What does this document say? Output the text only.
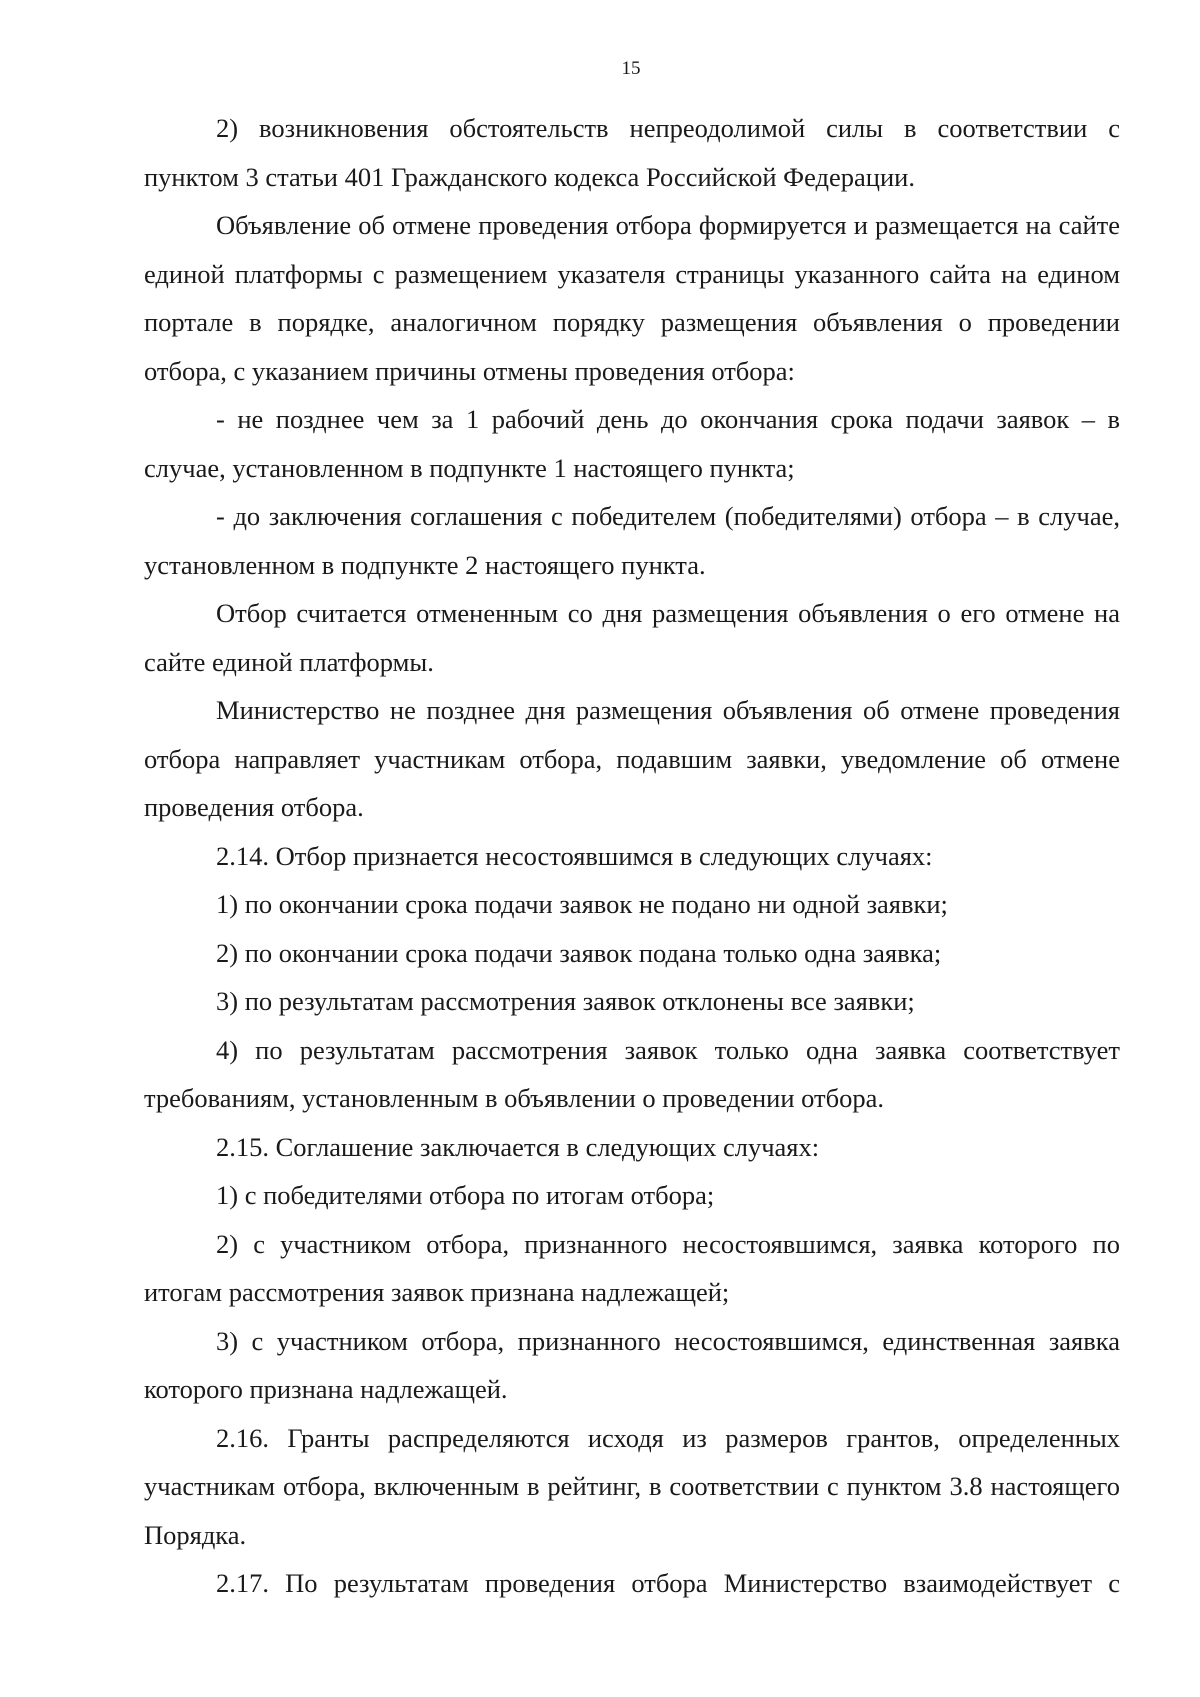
15

2) возникновения обстоятельств непреодолимой силы в соответствии с пунктом 3 статьи 401 Гражданского кодекса Российской Федерации.

Объявление об отмене проведения отбора формируется и размещается на сайте единой платформы с размещением указателя страницы указанного сайта на едином портале в порядке, аналогичном порядку размещения объявления о проведении отбора, с указанием причины отмены проведения отбора:

- не позднее чем за 1 рабочий день до окончания срока подачи заявок – в случае, установленном в подпункте 1 настоящего пункта;

- до заключения соглашения с победителем (победителями) отбора – в случае, установленном в подпункте 2 настоящего пункта.

Отбор считается отмененным со дня размещения объявления о его отмене на сайте единой платформы.

Министерство не позднее дня размещения объявления об отмене проведения отбора направляет участникам отбора, подавшим заявки, уведомление об отмене проведения отбора.

2.14. Отбор признается несостоявшимся в следующих случаях:

1) по окончании срока подачи заявок не подано ни одной заявки;

2) по окончании срока подачи заявок подана только одна заявка;

3) по результатам рассмотрения заявок отклонены все заявки;

4) по результатам рассмотрения заявок только одна заявка соответствует требованиям, установленным в объявлении о проведении отбора.

2.15. Соглашение заключается в следующих случаях:

1) с победителями отбора по итогам отбора;

2) с участником отбора, признанного несостоявшимся, заявка которого по итогам рассмотрения заявок признана надлежащей;

3) с участником отбора, признанного несостоявшимся, единственная заявка которого признана надлежащей.

2.16. Гранты распределяются исходя из размеров грантов, определенных участникам отбора, включенным в рейтинг, в соответствии с пунктом 3.8 настоящего Порядка.

2.17. По результатам проведения отбора Министерство взаимодействует с
